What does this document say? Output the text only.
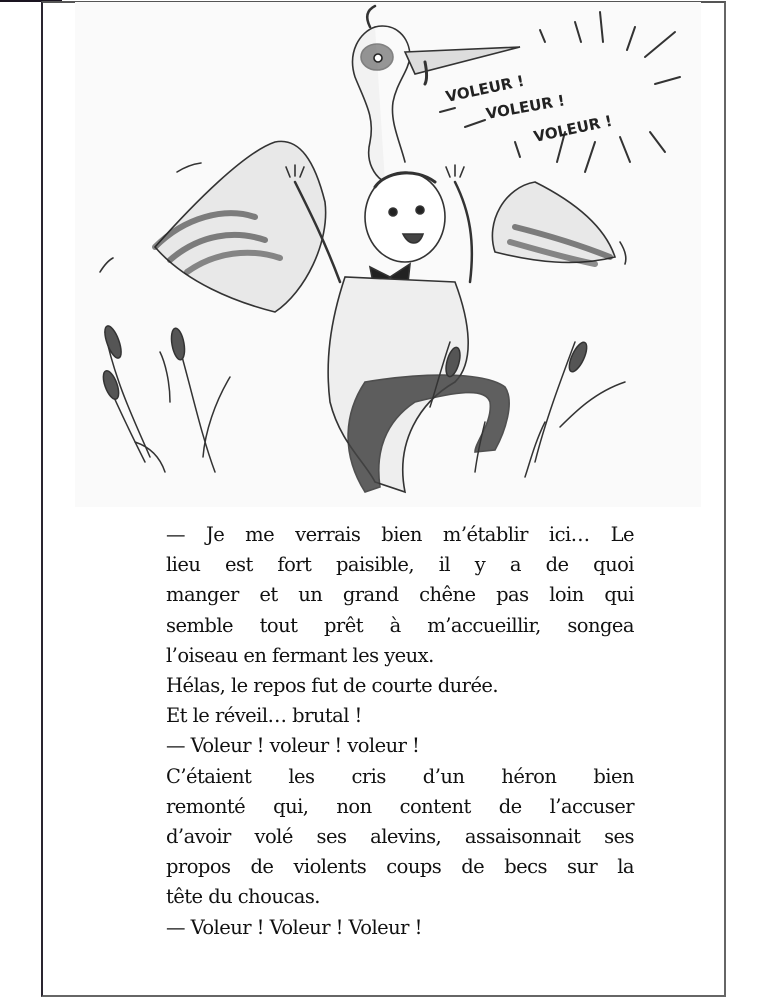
VOLEUR !
VOLEUR !
VOLEUR !
— Je me verrais bien m’établir ici… Le
lieu est fort paisible, il y a de quoi
manger et un grand chêne pas loin qui
semble tout prêt à m’accueillir, songea
l’oiseau en fermant les yeux.
Hélas, le repos fut de courte durée.
Et le réveil… brutal !
— Voleur ! voleur ! voleur !
C’étaient les cris d’un héron bien
remonté qui, non content de l’accuser
d’avoir volé ses alevins, assaisonnait ses
propos de violents coups de becs sur la
tête du choucas.
— Voleur ! Voleur ! Voleur !
